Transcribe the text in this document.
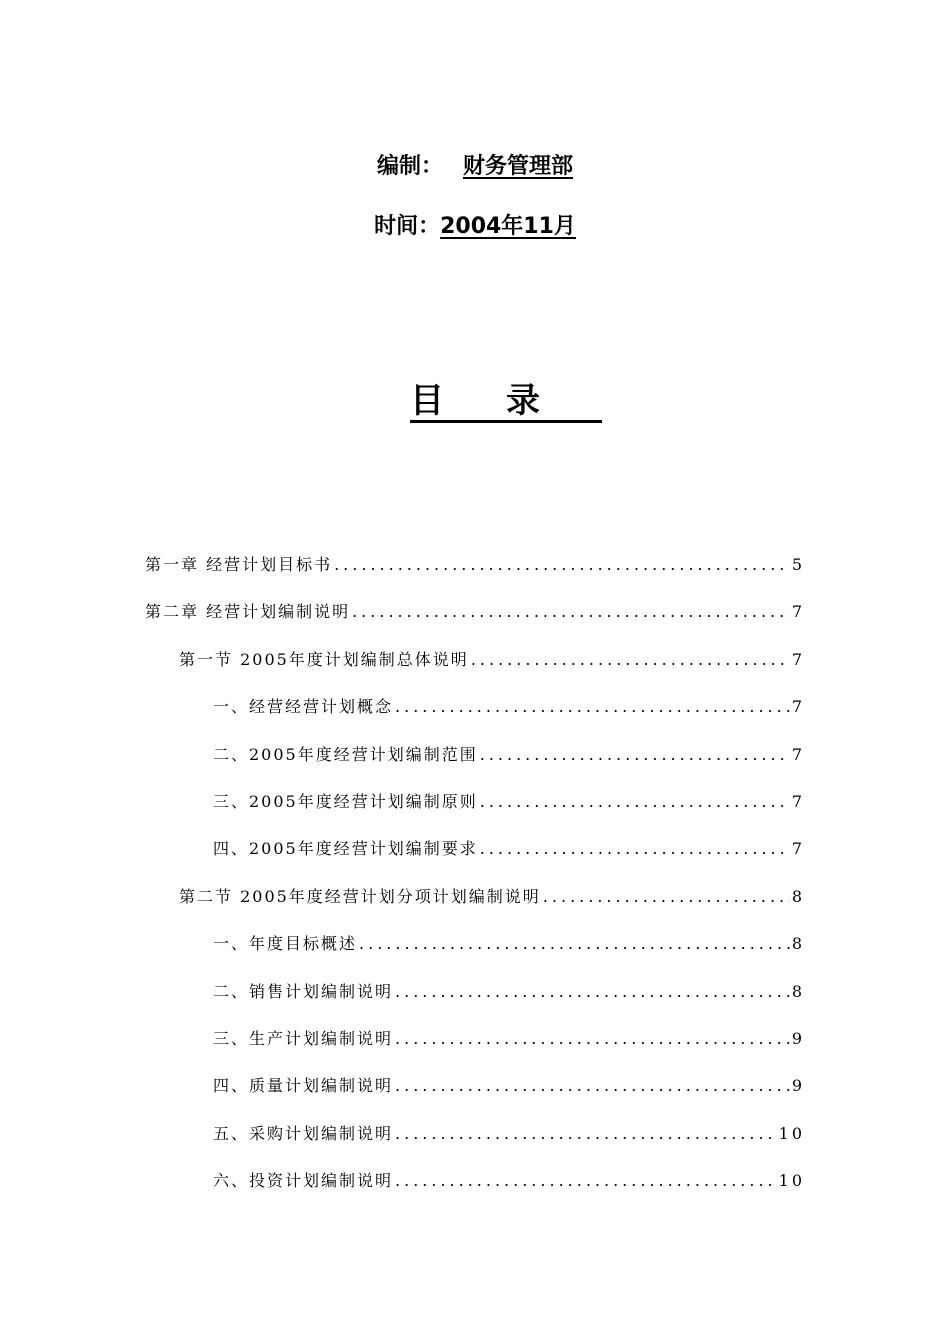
编制： 财务管理部
时间：2004年11月
目录
第一章 经营计划目标书 .....	5
第二章 经营计划编制说明 .....	7
第一节 2005年度计划编制总体说明 .....	7
一、经营经营计划概念 .....	7
二、2005年度经营计划编制范围 .....	7
三、2005年度经营计划编制原则 .....	7
四、2005年度经营计划编制要求 .....	7
第二节 2005年度经营计划分项计划编制说明 .....	8
一、年度目标概述 .....	8
二、销售计划编制说明 .....	8
三、生产计划编制说明 .....	9
四、质量计划编制说明 .....	9
五、采购计划编制说明 .....	10
六、投资计划编制说明 .....	10
